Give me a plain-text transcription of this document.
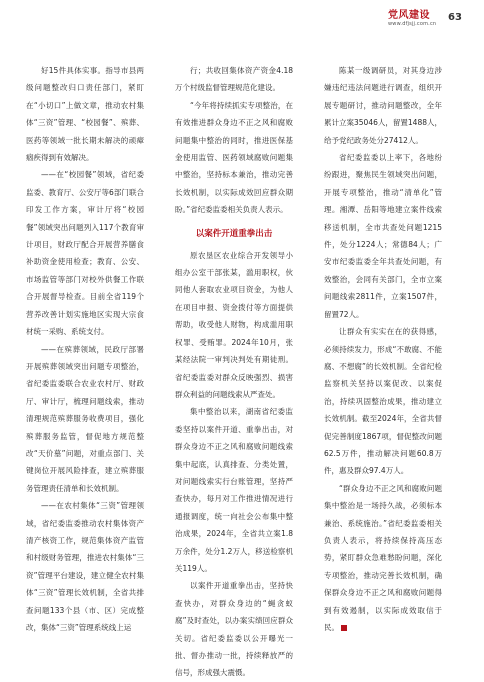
党风建设
www.dfjsjj.com.cn
63

好15件具体实事。指导市县两级问题整改归口责任部门，紧盯在“小切口”上做文章，推动农村集体“三资”管理、“校园餐”、殡葬、医药等领域一批长期未解决的顽瘴痼疾得到有效解决。

——在“校园餐”领域，省纪委监委、教育厅、公安厅等6部门联合印发工作方案，审计厅将“校园餐”领域突出问题列入117个教育审计项目，财政厅配合开展营养膳食补助资金使用检查；教育、公安、市场监管等部门对校外供餐工作联合开展督导检查。目前全省119个营养改善计划实施地区实现大宗食材统一采购、系统支付。

——在殡葬领域，民政厅部署开展殡葬领域突出问题专项整治，省纪委监委联合农业农村厅、财政厅、审计厅，梳理问题线索，推动清理规范殡葬服务收费项目，强化殡葬服务监管，督促地方规范整改“天价墓”问题，对重点部门、关键岗位开展风险排查，建立殡葬服务管理责任清单和长效机制。

——在农村集体“三资”管理领域，省纪委监委推动农村集体资产清产核资工作，规范集体资产监管和村级财务管理，推进农村集体“三资”管理平台建设，建立健全农村集体“三资”管理长效机制，全省共排查问题133个县（市、区）完成整改，集体“三资”管理系统线上运

行；共收回集体资产资金4.18万个村级监督管理规范化建设。

“今年将持续抓实专项整治，在有效推进群众身边不正之风和腐败问题集中整治的同时，推进医保基金使用监管、医药领域腐败问题集中整治，坚持标本兼治，推动完善长效机制，以实际成效回应群众期盼。”省纪委监委相关负责人表示。

以案件开道重拳出击

原农垦区农业综合开发领导小组办公室干部张某，滥用职权，伙同他人套取农业项目资金，为他人在项目申报、资金拨付等方面提供帮助，收受他人财物，构成滥用职权罪、受贿罪。2024年10月，张某经法院一审判决判处有期徒刑。省纪委监委对群众反映强烈、损害群众利益的问题线索从严查处。

集中整治以来，湖南省纪委监委坚持以案件开道、重拳出击，对群众身边不正之风和腐败问题线索集中起底，认真排查、分类处置，对问题线索实行台账管理，坚持严查快办，每月对工作推进情况进行通报调度，统一向社会公布集中整治成果，2024年，全省共立案1.8万余件，处分1.2万人，移送检察机关119人。

以案件开道重拳出击，坚持快查快办，对群众身边的“蝇贪蚁腐”及时查处，以办案实绩回应群众关切。省纪委监委以公开曝光一批、督办推动一批，持续释放严的信号，形成强大震慑。

陈某一级调研员，对其身边涉嫌违纪违法问题进行调查，组织开展专题研讨，推动问题整改，全年累计立案35046人，留置1488人，给予党纪政务处分27412人。

省纪委监委以上率下，各地纷纷跟进，聚焦民生领域突出问题，开展专项整治，推动“清单化”管理。湘潭、岳阳等地建立案件线索移送机制，全市共查处问题1215件，处分1224人；常德84人；广安市纪委监委全年共查处问题，有效整治，会同有关部门，全市立案问题线索2811件，立案1507件，留置72人。

让群众有实实在在的获得感，必须持续发力，形成“不敢腐、不能腐、不想腐”的长效机制。全省纪检监察机关坚持以案促改、以案促治，持续巩固整治成果，推动建立长效机制。截至2024年，全省共督促完善制度1867项，督促整改问题62.5万件，推动解决问题60.8万件，惠及群众97.4万人。

“群众身边不正之风和腐败问题集中整治是一场持久战，必须标本兼治、系统施治。”省纪委监委相关负责人表示，将持续保持高压态势，紧盯群众急难愁盼问题，深化专项整治，推动完善长效机制，确保群众身边不正之风和腐败问题得到有效遏制，以实际成效取信于民。
